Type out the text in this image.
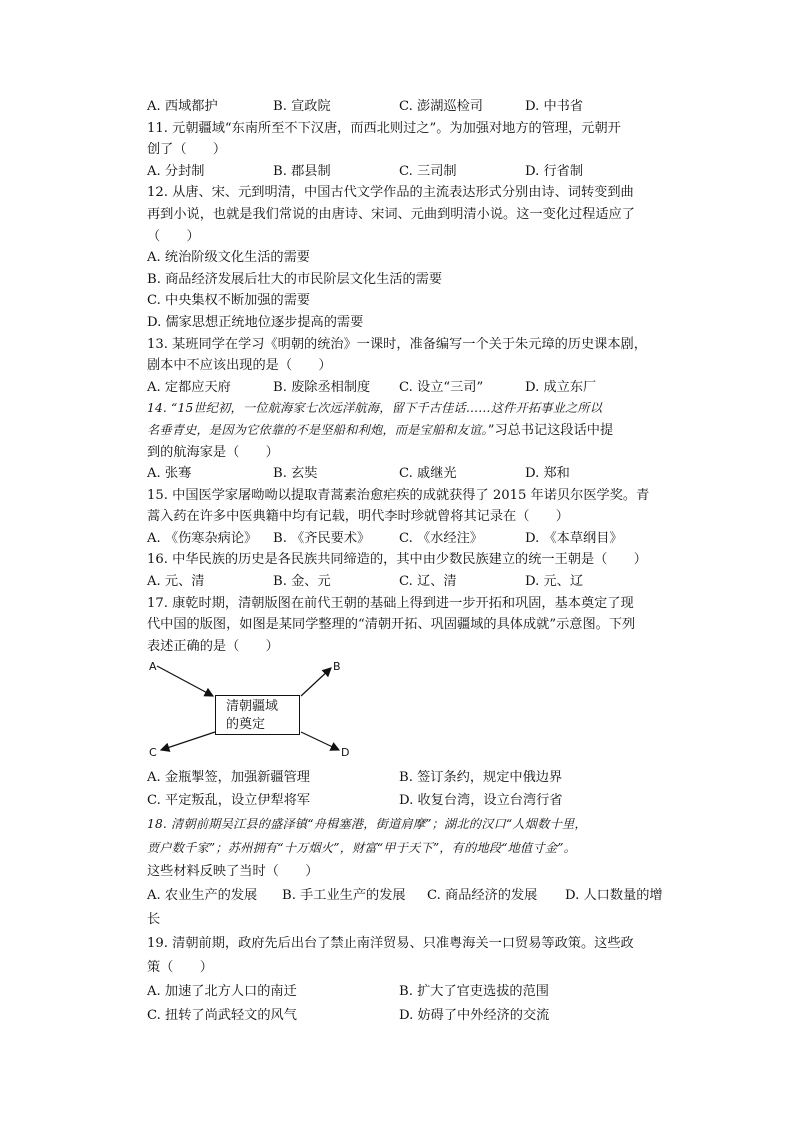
A. 西域都护	B. 宣政院	C. 澎湖巡检司	D. 中书省
11. 元朝疆域“东南所至不下汉唐，而西北则过之”。为加强对地方的管理，元朝开
创了（　　）
A. 分封制	B. 郡县制	C. 三司制	D. 行省制
12. 从唐、宋、元到明清，中国古代文学作品的主流表达形式分别由诗、词转变到曲
再到小说，也就是我们常说的由唐诗、宋词、元曲到明清小说。这一变化过程适应了
（　　）
A. 统治阶级文化生活的需要
B. 商品经济发展后壮大的市民阶层文化生活的需要
C. 中央集权不断加强的需要
D. 儒家思想正统地位逐步提高的需要
13. 某班同学在学习《明朝的统治》一课时，准备编写一个关于朱元璋的历史课本剧，
剧本中不应该出现的是（　　）
A. 定都应天府	B. 废除丞相制度	C. 设立“三司”	D. 成立东厂
14. “15世纪初，一位航海家七次远洋航海，留下千古佳话……这件开拓事业之所以
名垂青史，是因为它依靠的不是坚船和利炮，而是宝船和友谊。”习总书记这段话中提
到的航海家是（　　）
A. 张骞	B. 玄奘	C. 戚继光	D. 郑和
15. 中国医学家屠呦呦以提取青蒿素治愈疟疾的成就获得了 2015 年诺贝尔医学奖。青
蒿入药在许多中医典籍中均有记载，明代李时珍就曾将其记录在（　　）
A. 《伤寒杂病论》	B. 《齐民要术》	C. 《水经注》	D. 《本草纲目》
16. 中华民族的历史是各民族共同缔造的，其中由少数民族建立的统一王朝是（　　）
A. 元、清	B. 金、元	C. 辽、清	D. 元、辽
17. 康乾时期，清朝版图在前代王朝的基础上得到进一步开拓和巩固，基本奠定了现
代中国的版图，如图是某同学整理的“清朝开拓、巩固疆域的具体成就”示意图。下列
表述正确的是（　　）
A	B
C	D
清朝疆域
的奠定
A. 金瓶掣签，加强新疆管理	B. 签订条约，规定中俄边界
C. 平定叛乱，设立伊犁将军	D. 收复台湾，设立台湾行省
18. 清朝前期吴江县的盛泽镇“舟楫塞港，街道肩摩”；湖北的汉口“人烟数十里，
贾户数千家”；苏州拥有“十万烟火”，财富“甲于天下”，有的地段“地值寸金”。
这些材料反映了当时（　　）
A. 农业生产的发展	B. 手工业生产的发展	C. 商品经济的发展	D. 人口数量的增
长
19. 清朝前期，政府先后出台了禁止南洋贸易、只准粤海关一口贸易等政策。这些政
策（　　）
A. 加速了北方人口的南迁	B. 扩大了官吏选拔的范围
C. 扭转了尚武轻文的风气	D. 妨碍了中外经济的交流
